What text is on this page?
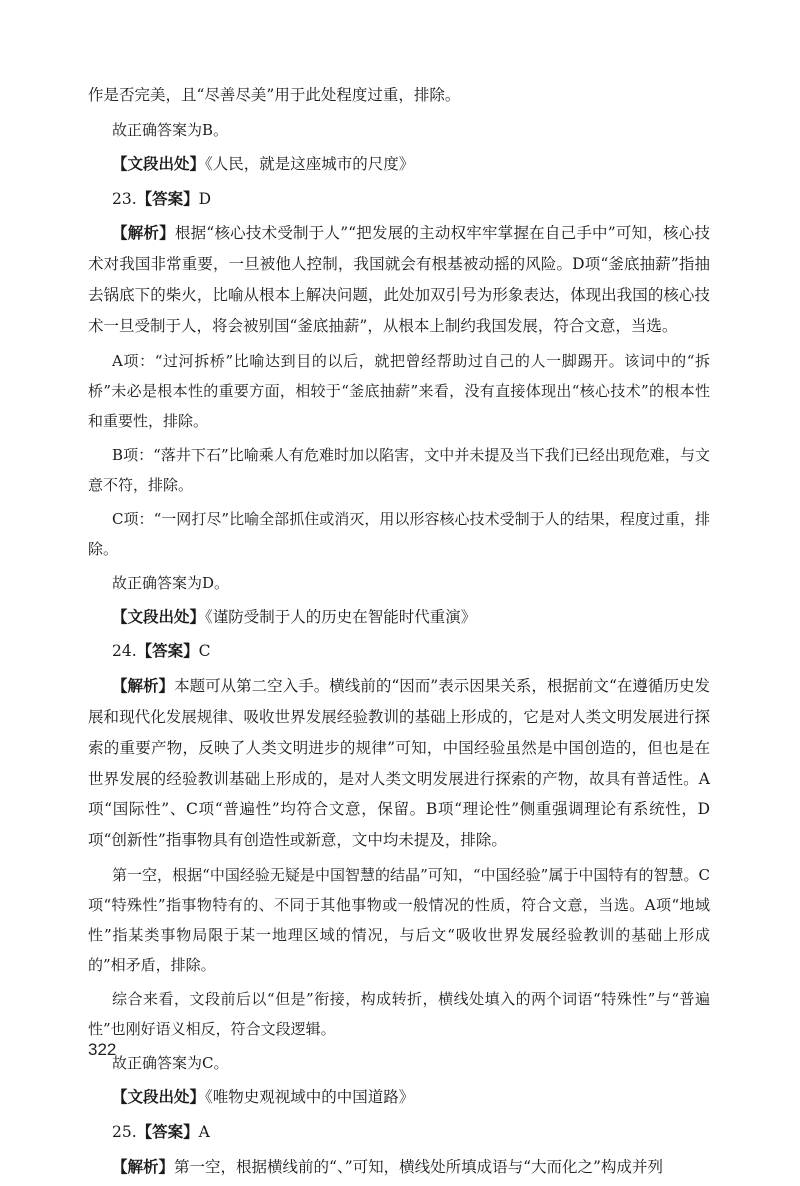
作是否完美，且“尽善尽美”用于此处程度过重，排除。

故正确答案为B。

【文段出处】《人民，就是这座城市的尺度》

23.【答案】D

【解析】根据“核心技术受制于人”“把发展的主动权牢牢掌握在自己手中”可知，核心技术对我国非常重要，一旦被他人控制，我国就会有根基被动摇的风险。D项“釜底抽薪”指抽去锅底下的柴火，比喻从根本上解决问题，此处加双引号为形象表达，体现出我国的核心技术一旦受制于人，将会被别国“釜底抽薪”，从根本上制约我国发展，符合文意，当选。

A项：“过河拆桥”比喻达到目的以后，就把曾经帮助过自己的人一脚踢开。该词中的“拆桥”未必是根本性的重要方面，相较于“釜底抽薪”来看，没有直接体现出“核心技术”的根本性和重要性，排除。

B项：“落井下石”比喻乘人有危难时加以陷害，文中并未提及当下我们已经出现危难，与文意不符，排除。

C项：“一网打尽”比喻全部抓住或消灭，用以形容核心技术受制于人的结果，程度过重，排除。

故正确答案为D。

【文段出处】《谨防受制于人的历史在智能时代重演》

24.【答案】C

【解析】本题可从第二空入手。横线前的“因而”表示因果关系，根据前文“在遵循历史发展和现代化发展规律、吸收世界发展经验教训的基础上形成的，它是对人类文明发展进行探索的重要产物，反映了人类文明进步的规律”可知，中国经验虽然是中国创造的，但也是在世界发展的经验教训基础上形成的，是对人类文明发展进行探索的产物，故具有普适性。A项“国际性”、C项“普遍性”均符合文意，保留。B项“理论性”侧重强调理论有系统性，D项“创新性”指事物具有创造性或新意，文中均未提及，排除。

第一空，根据“中国经验无疑是中国智慧的结晶”可知，“中国经验”属于中国特有的智慧。C项“特殊性”指事物特有的、不同于其他事物或一般情况的性质，符合文意，当选。A项“地域性”指某类事物局限于某一地理区域的情况，与后文“吸收世界发展经验教训的基础上形成的”相矛盾，排除。

综合来看，文段前后以“但是”衔接，构成转折，横线处填入的两个词语“特殊性”与“普遍性”也刚好语义相反，符合文段逻辑。

故正确答案为C。

【文段出处】《唯物史观视域中的中国道路》

25.【答案】A

【解析】第一空，根据横线前的“、”可知，横线处所填成语与“大而化之”构成并列

322
